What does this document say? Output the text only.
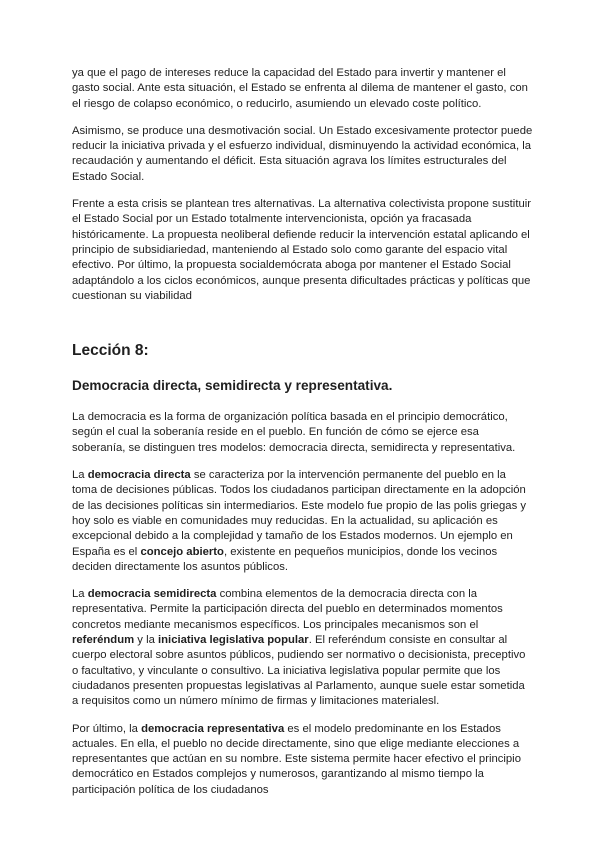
ya que el pago de intereses reduce la capacidad del Estado para invertir y mantener el gasto social. Ante esta situación, el Estado se enfrenta al dilema de mantener el gasto, con el riesgo de colapso económico, o reducirlo, asumiendo un elevado coste político.

Asimismo, se produce una desmotivación social. Un Estado excesivamente protector puede reducir la iniciativa privada y el esfuerzo individual, disminuyendo la actividad económica, la recaudación y aumentando el déficit. Esta situación agrava los límites estructurales del Estado Social.

Frente a esta crisis se plantean tres alternativas. La alternativa colectivista propone sustituir el Estado Social por un Estado totalmente intervencionista, opción ya fracasada históricamente. La propuesta neoliberal defiende reducir la intervención estatal aplicando el principio de subsidiariedad, manteniendo al Estado solo como garante del espacio vital efectivo. Por último, la propuesta socialdemócrata aboga por mantener el Estado Social adaptándolo a los ciclos económicos, aunque presenta dificultades prácticas y políticas que cuestionan su viabilidad

Lección 8:
Democracia directa, semidirecta y representativa.

La democracia es la forma de organización política basada en el principio democrático, según el cual la soberanía reside en el pueblo. En función de cómo se ejerce esa soberanía, se distinguen tres modelos: democracia directa, semidirecta y representativa.

La democracia directa se caracteriza por la intervención permanente del pueblo en la toma de decisiones públicas. Todos los ciudadanos participan directamente en la adopción de las decisiones políticas sin intermediarios. Este modelo fue propio de las polis griegas y hoy solo es viable en comunidades muy reducidas. En la actualidad, su aplicación es excepcional debido a la complejidad y tamaño de los Estados modernos. Un ejemplo en España es el concejo abierto, existente en pequeños municipios, donde los vecinos deciden directamente los asuntos públicos.

La democracia semidirecta combina elementos de la democracia directa con la representativa. Permite la participación directa del pueblo en determinados momentos concretos mediante mecanismos específicos. Los principales mecanismos son el referéndum y la iniciativa legislativa popular. El referéndum consiste en consultar al cuerpo electoral sobre asuntos públicos, pudiendo ser normativo o decisionista, preceptivo o facultativo, y vinculante o consultivo. La iniciativa legislativa popular permite que los ciudadanos presenten propuestas legislativas al Parlamento, aunque suele estar sometida a requisitos como un número mínimo de firmas y limitaciones materialesl.

Por último, la democracia representativa es el modelo predominante en los Estados actuales. En ella, el pueblo no decide directamente, sino que elige mediante elecciones a representantes que actúan en su nombre. Este sistema permite hacer efectivo el principio democrático en Estados complejos y numerosos, garantizando al mismo tiempo la participación política de los ciudadanos
